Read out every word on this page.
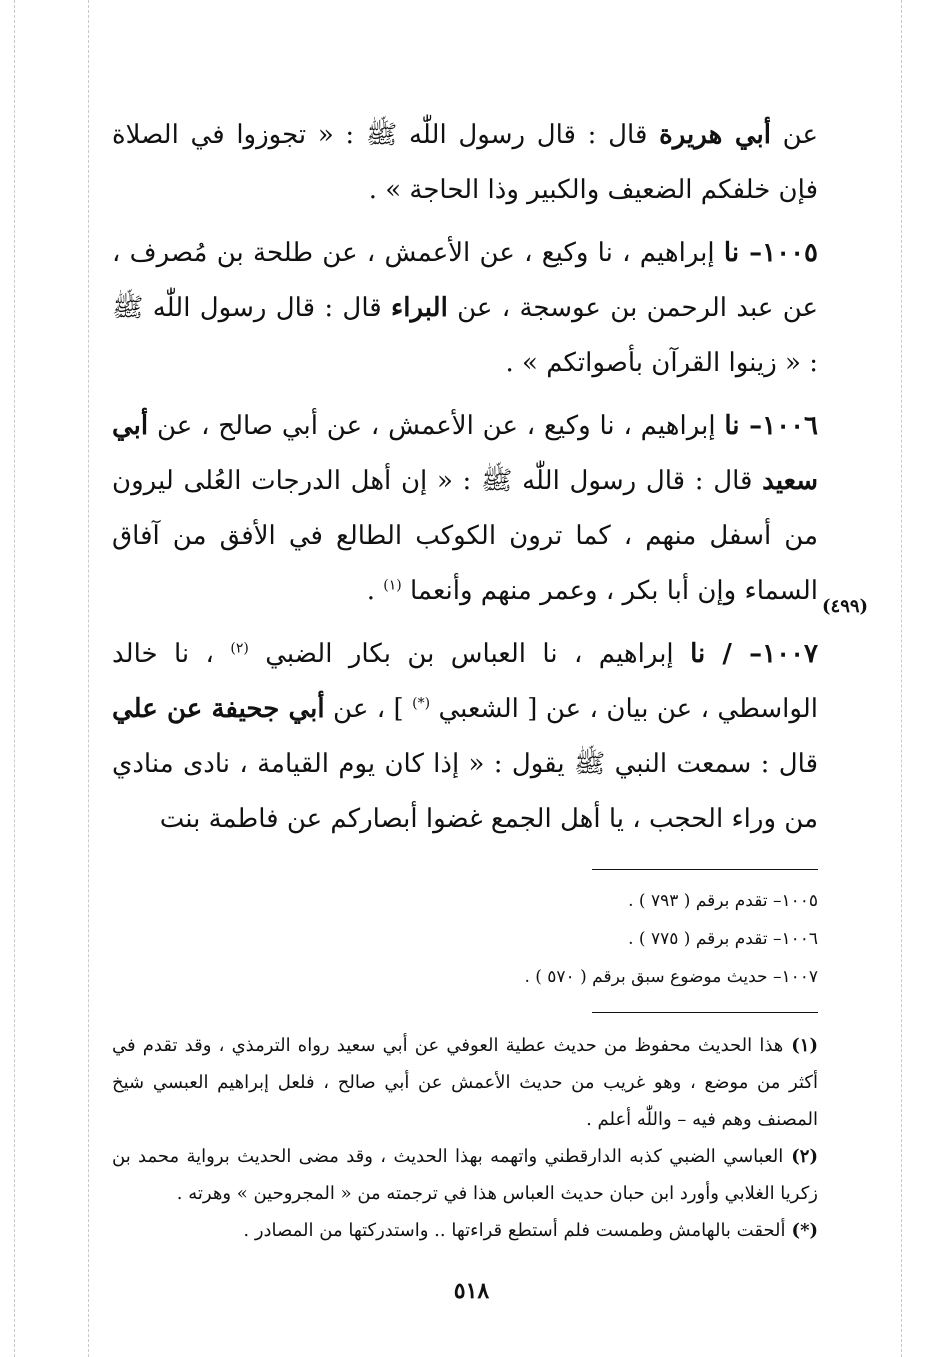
(٤٩٩)

عن أبي هريرة قال : قال رسول اللّٰه ﷺ : « تجوزوا في الصلاة فإن خلفكم الضعيف والكبير وذا الحاجة » .

١٠٠٥– نا إبراهيم ، نا وكيع ، عن الأعمش ، عن طلحة بن مُصرف ، عن عبد الرحمن بن عوسجة ، عن البراء قال : قال رسول اللّٰه ﷺ : « زينوا القرآن بأصواتكم » .

١٠٠٦– نا إبراهيم ، نا وكيع ، عن الأعمش ، عن أبي صالح ، عن أبي سعيد قال : قال رسول اللّٰه ﷺ : « إن أهل الدرجات العُلى ليرون من أسفل منهم ، كما ترون الكوكب الطالع في الأفق من آفاق السماء وإن أبا بكر ، وعمر منهم وأنعما $^{(١)}$ .

١٠٠٧– / نا إبراهيم ، نا العباس بن بكار الضبي $^{(٢)}$ ، نا خالد الواسطي ، عن بيان ، عن [ الشعبي (*) ] ، عن أبي جحيفة عن علي قال : سمعت النبي ﷺ يقول : « إذا كان يوم القيامة ، نادى منادي من وراء الحجب ، يا أهل الجمع غضوا أبصاركم عن فاطمة بنت

١٠٠٥– تقدم برقم ( ٧٩٣ ) .

١٠٠٦– تقدم برقم ( ٧٧٥ ) .

١٠٠٧– حديث موضوع سبق برقم ( ٥٧٠ ) .

(١)هذا الحديث محفوظ من حديث عطية العوفي عن أبي سعيد رواه الترمذي ، وقد تقدم في أكثر من موضع ، وهو غريب من حديث الأعمش عن أبي صالح ، فلعل إبراهيم العبسي شيخ المصنف وهم فيه – واللّٰه أعلم .

(٢)العباسي الضبي كذبه الدارقطني واتهمه بهذا الحديث ، وقد مضى الحديث برواية محمد بن زكريا الغلابي وأورد ابن حبان حديث العباس هذا في ترجمته من « المجروحين » وهرته .

(*)ألحقت بالهامش وطمست فلم أستطع قراءتها .. واستدركتها من المصادر .

٥١٨
